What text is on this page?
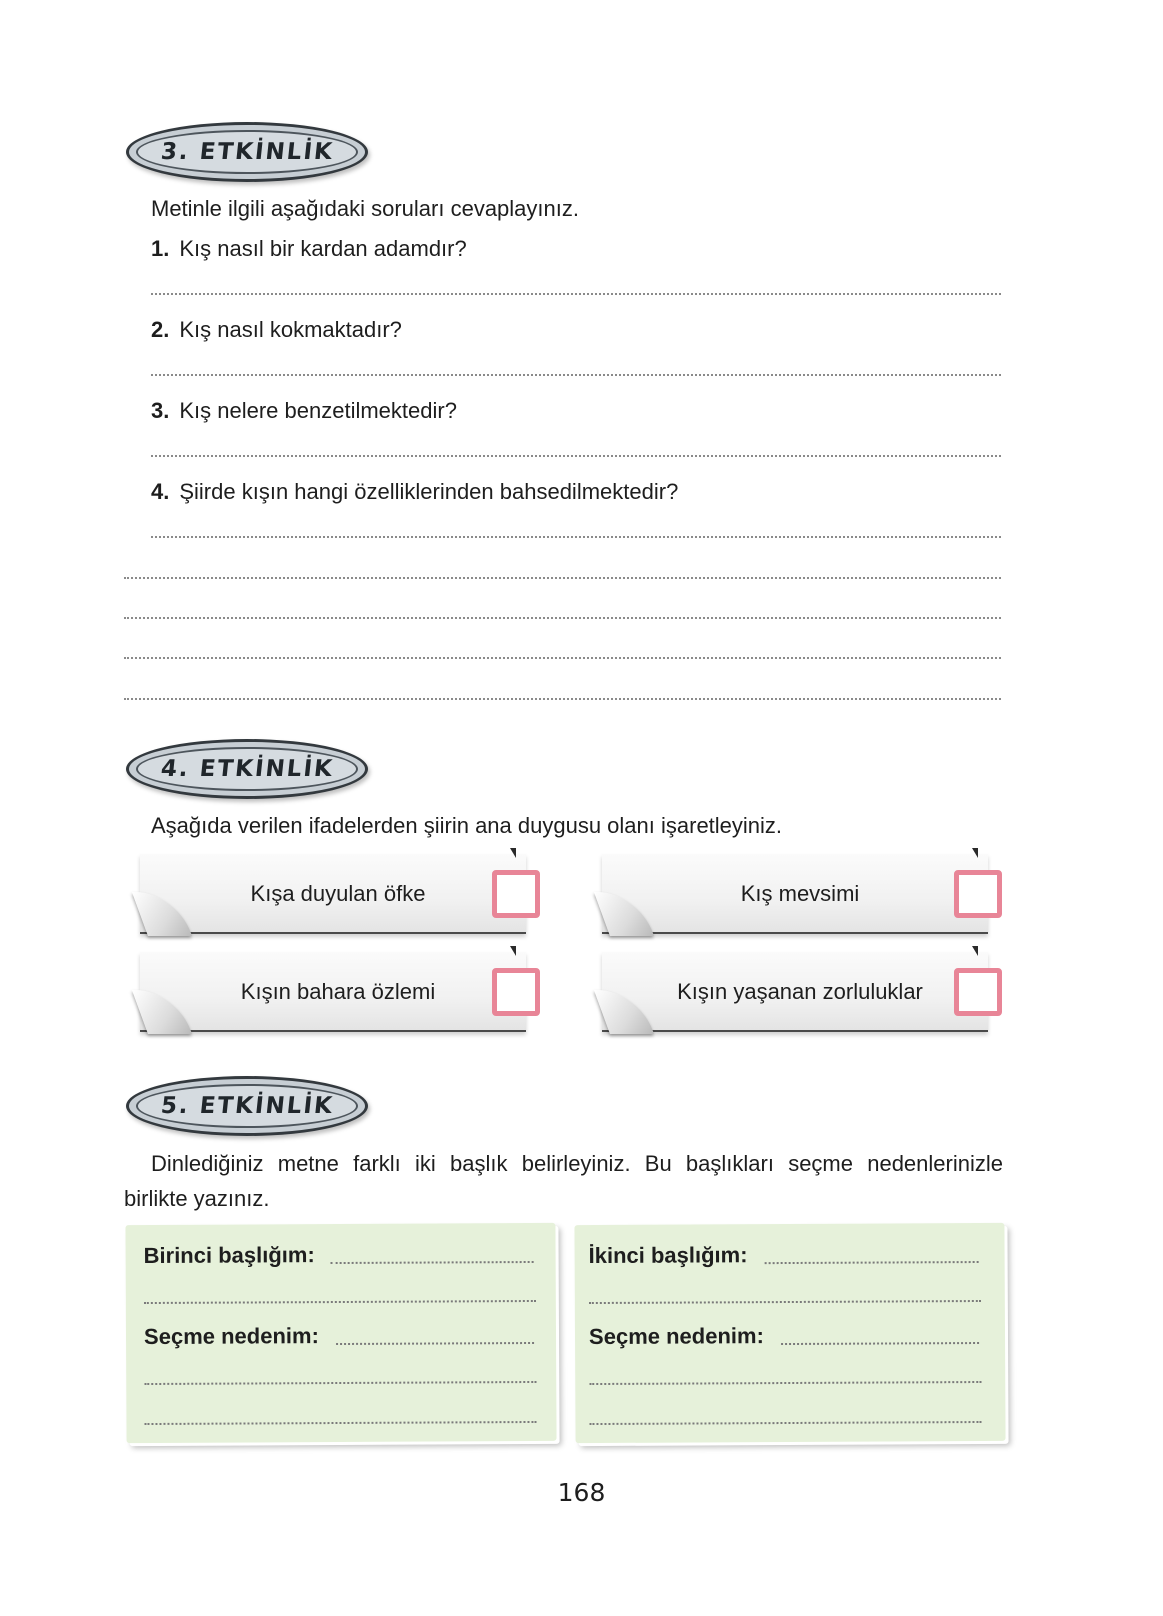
3. ETKİNLİK
Metinle ilgili aşağıdaki soruları cevaplayınız.
1. Kış nasıl bir kardan adamdır?
2. Kış nasıl kokmaktadır?
3. Kış nelere benzetilmektedir?
4. Şiirde kışın hangi özelliklerinden bahsedilmektedir?
4. ETKİNLİK
Aşağıda verilen ifadelerden şiirin ana duygusu olanı işaretleyiniz.
Kışa duyulan öfke	Kış mevsimi
Kışın bahara özlemi	Kışın yaşanan zorluluklar
5. ETKİNLİK
Dinlediğiniz metne farklı iki başlık belirleyiniz. Bu başlıkları seçme nedenlerinizle
birlikte yazınız.
Birinci başlığım:
Seçme nedenim:
İkinci başlığım:
Seçme nedenim:
168
